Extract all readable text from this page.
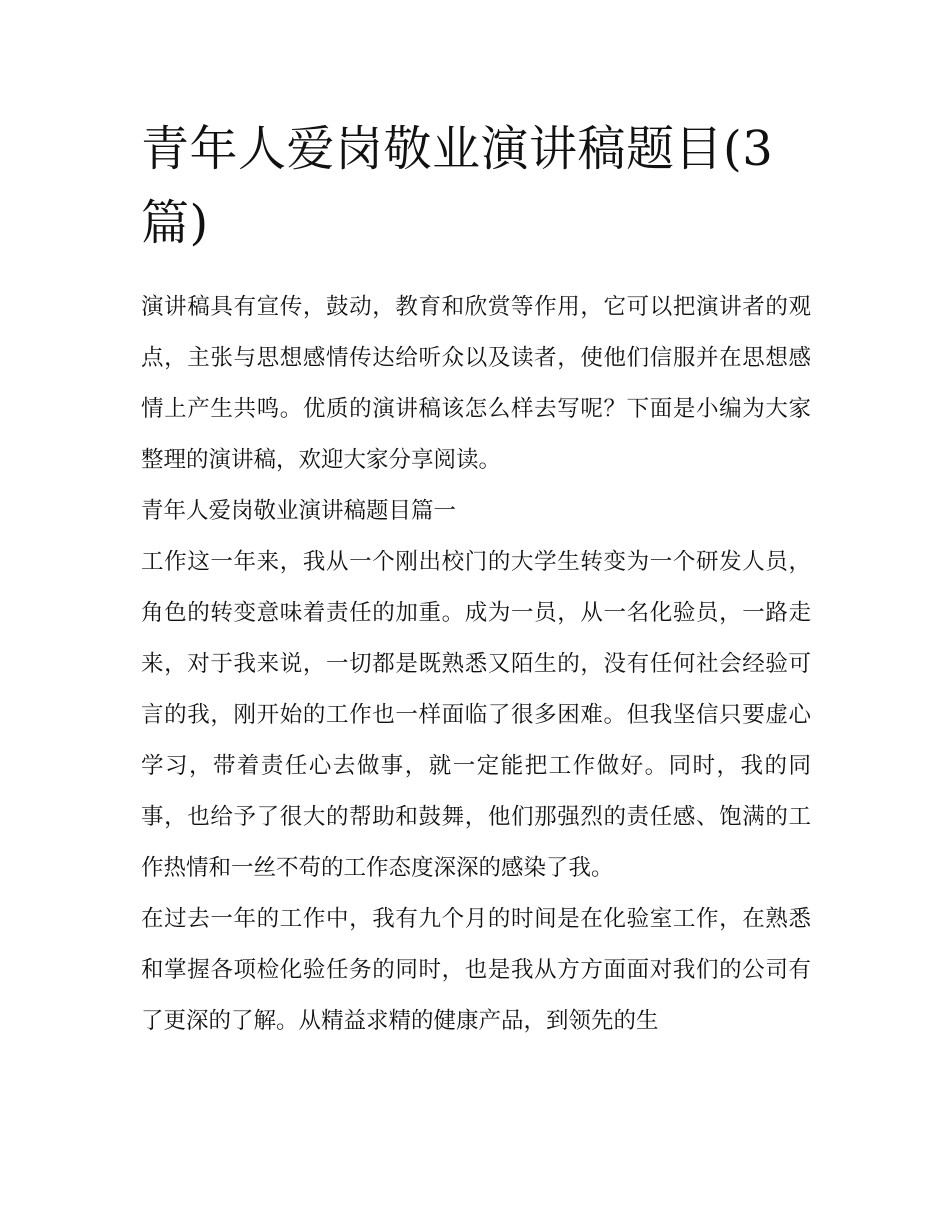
青年人爱岗敬业演讲稿题目(3篇)

演讲稿具有宣传，鼓动，教育和欣赏等作用，它可以把演讲者的观点，主张与思想感情传达给听众以及读者，使他们信服并在思想感情上产生共鸣。优质的演讲稿该怎么样去写呢？下面是小编为大家整理的演讲稿，欢迎大家分享阅读。

青年人爱岗敬业演讲稿题目篇一

工作这一年来，我从一个刚出校门的大学生转变为一个研发人员，角色的转变意味着责任的加重。成为一员，从一名化验员，一路走来，对于我来说，一切都是既熟悉又陌生的，没有任何社会经验可言的我，刚开始的工作也一样面临了很多困难。但我坚信只要虚心学习，带着责任心去做事，就一定能把工作做好。同时，我的同事，也给予了很大的帮助和鼓舞，他们那强烈的责任感、饱满的工作热情和一丝不苟的工作态度深深的感染了我。

在过去一年的工作中，我有九个月的时间是在化验室工作，在熟悉和掌握各项检化验任务的同时，也是我从方方面面对我们的公司有了更深的了解。从精益求精的健康产品，到领先的生
